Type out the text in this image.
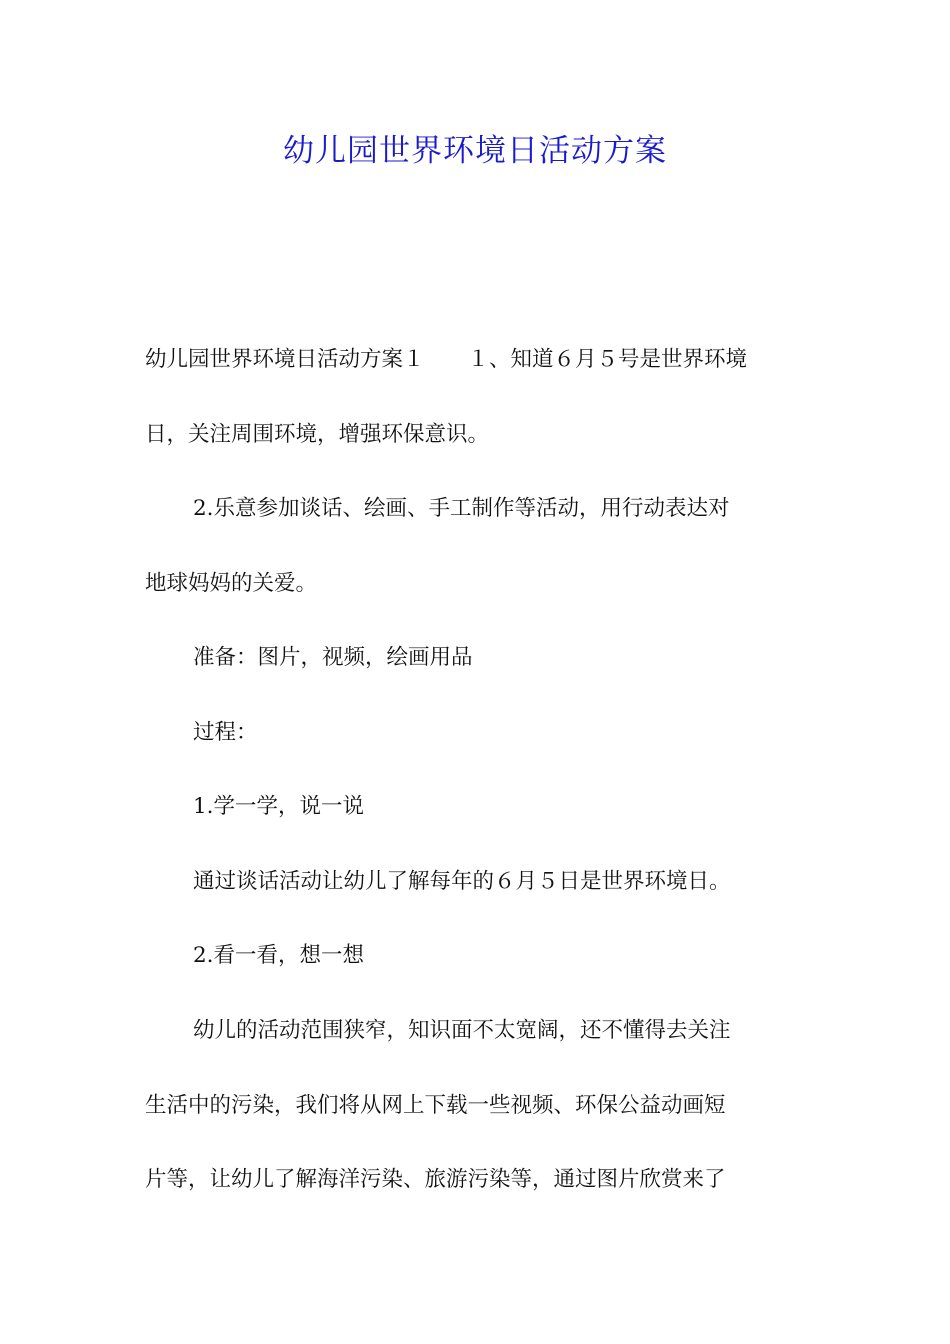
幼儿园世界环境日活动方案
幼儿园世界环境日活动方案１　　１、知道６月５号是世界环境
日，关注周围环境，增强环保意识。
2.乐意参加谈话、绘画、手工制作等活动，用行动表达对
地球妈妈的关爱。
准备：图片，视频，绘画用品
过程：
1.学一学，说一说
通过谈话活动让幼儿了解每年的６月５日是世界环境日。
2.看一看，想一想
幼儿的活动范围狭窄，知识面不太宽阔，还不懂得去关注
生活中的污染，我们将从网上下载一些视频、环保公益动画短
片等，让幼儿了解海洋污染、旅游污染等，通过图片欣赏来了
